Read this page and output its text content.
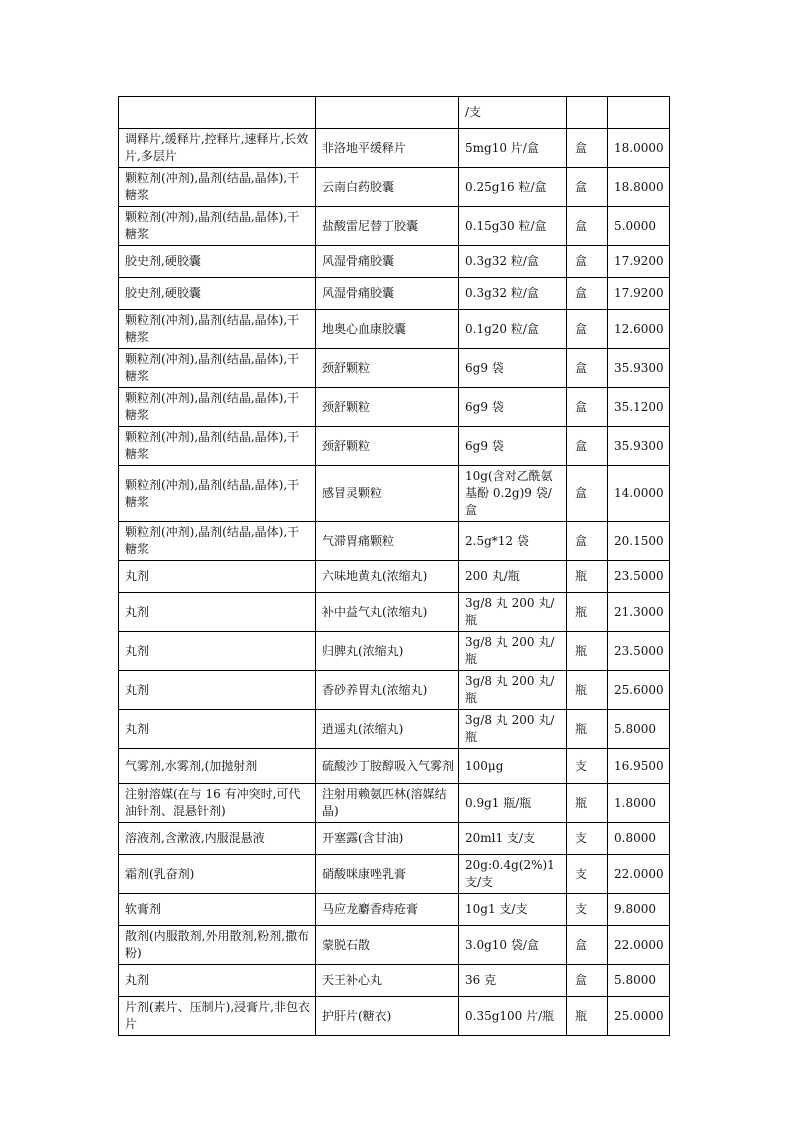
		/支		
调释片,缓释片,控释片,速释片,长效片,多层片	非洛地平缓释片	5mg10 片/盒	盒	18.0000
颗粒剂(冲剂),晶剂(结晶,晶体),干糖浆	云南白药胶囊	0.25g16 粒/盒	盒	18.8000
颗粒剂(冲剂),晶剂(结晶,晶体),干糖浆	盐酸雷尼替丁胶囊	0.15g30 粒/盒	盒	5.0000
胶史剂,硬胶囊	风湿骨痛胶囊	0.3g32 粒/盒	盒	17.9200
胶史剂,硬胶囊	风湿骨痛胶囊	0.3g32 粒/盒	盒	17.9200
颗粒剂(冲剂),晶剂(结晶,晶体),干糖浆	地奥心血康胶囊	0.1g20 粒/盒	盒	12.6000
颗粒剂(冲剂),晶剂(结晶,晶体),干糖浆	颈舒颗粒	6g9 袋	盒	35.9300
颗粒剂(冲剂),晶剂(结晶,晶体),干糖浆	颈舒颗粒	6g9 袋	盒	35.1200
颗粒剂(冲剂),晶剂(结晶,晶体),干糖浆	颈舒颗粒	6g9 袋	盒	35.9300
颗粒剂(冲剂),晶剂(结晶,晶体),干糖浆	感冒灵颗粒	10g(含对乙酰氨基酚 0.2g)9 袋/盒	盒	14.0000
颗粒剂(冲剂),晶剂(结晶,晶体),干糖浆	气滞胃痛颗粒	2.5g*12 袋	盒	20.1500
丸剂	六味地黄丸(浓缩丸)	200 丸/瓶	瓶	23.5000
丸剂	补中益气丸(浓缩丸)	3g/8 丸 200 丸/瓶	瓶	21.3000
丸剂	归脾丸(浓缩丸)	3g/8 丸 200 丸/瓶	瓶	23.5000
丸剂	香砂养胃丸(浓缩丸)	3g/8 丸 200 丸/瓶	瓶	25.6000
丸剂	逍遥丸(浓缩丸)	3g/8 丸 200 丸/瓶	瓶	5.8000
气雾剂,水雾剂,(加抛射剂	硫酸沙丁胺醇吸入气雾剂	100μg	支	16.9500
注射溶媒(在与 16 有冲突时,可代油针剂、混悬针剂)	注射用赖氨匹林(溶媒结晶)	0.9g1 瓶/瓶	瓶	1.8000
溶液剂,含漱液,内服混悬液	开塞露(含甘油)	20ml1 支/支	支	0.8000
霜剂(乳奋剂)	硝酸咪康唑乳膏	20g:0.4g(2%)1 支/支	支	22.0000
软膏剂	马应龙麝香痔疮膏	10g1 支/支	支	9.8000
散剂(内服散剂,外用散剂,粉剂,撒布粉)	蒙脱石散	3.0g10 袋/盒	盒	22.0000
丸剂	天王补心丸	36 克	盒	5.8000
片剂(素片、压制片),浸膏片,非包衣片	护肝片(糖衣)	0.35g100 片/瓶	瓶	25.0000
